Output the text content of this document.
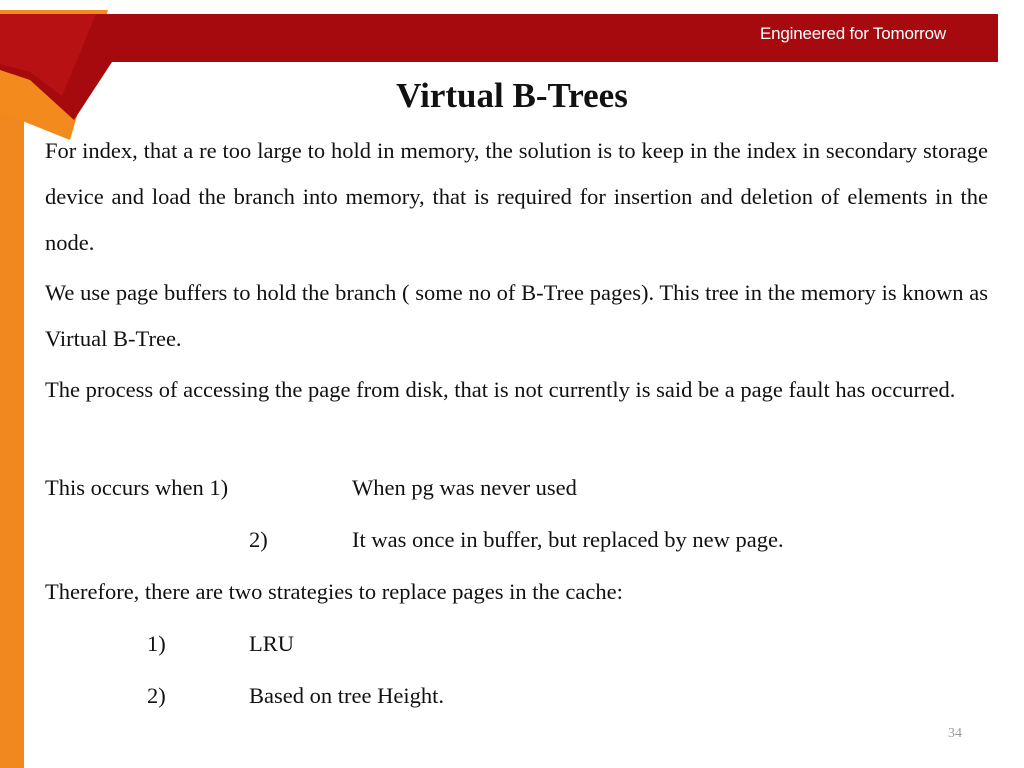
Engineered for Tomorrow
Virtual B-Trees

For index, that a re too large to hold in memory, the solution is to keep in the index in secondary storage device and load the branch into memory, that is required for insertion and deletion of elements in the node.

We use page buffers to hold the branch ( some no of B-Tree pages). This tree in the memory is known as Virtual B-Tree.

The process of accessing the page from disk, that is not currently is said be a page fault has occurred.

This occurs when 1)	When pg was never used
2)	It was once in buffer, but replaced by new page.
Therefore, there are two strategies to replace pages in the cache:
1)	LRU
2)	Based on tree Height.
34
